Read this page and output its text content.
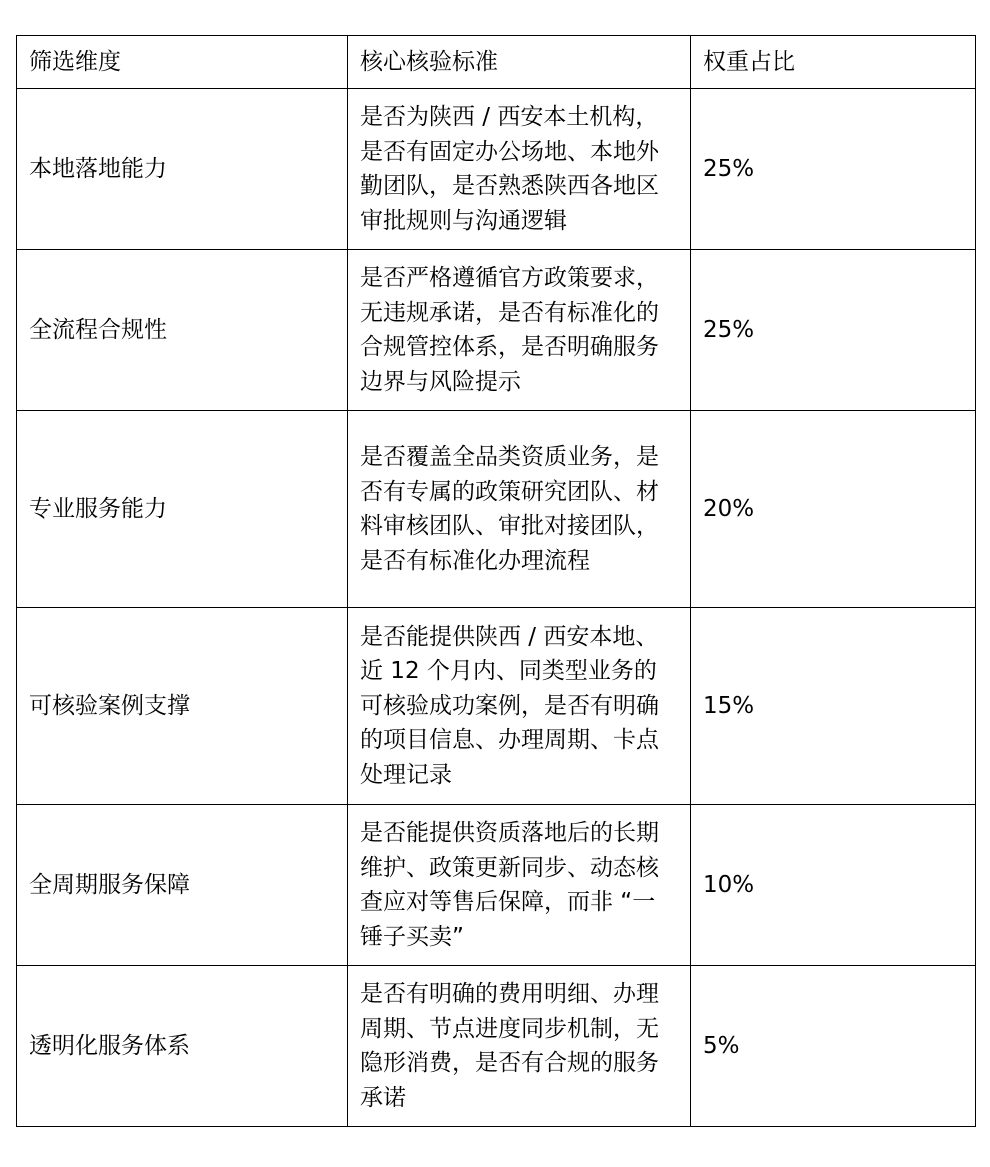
筛选维度	核心核验标准	权重占比
本地落地能力	是否为陕西 / 西安本土机构，是否有固定办公场地、本地外勤团队，是否熟悉陕西各地区审批规则与沟通逻辑	25%
全流程合规性	是否严格遵循官方政策要求，无违规承诺，是否有标准化的合规管控体系，是否明确服务边界与风险提示	25%
专业服务能力	是否覆盖全品类资质业务，是否有专属的政策研究团队、材料审核团队、审批对接团队，是否有标准化办理流程	20%
可核验案例支撑	是否能提供陕西 / 西安本地、近 12 个月内、同类型业务的可核验成功案例，是否有明确的项目信息、办理周期、卡点处理记录	15%
全周期服务保障	是否能提供资质落地后的长期维护、政策更新同步、动态核查应对等售后保障，而非 “一锤子买卖”	10%
透明化服务体系	是否有明确的费用明细、办理周期、节点进度同步机制，无隐形消费，是否有合规的服务承诺	5%
